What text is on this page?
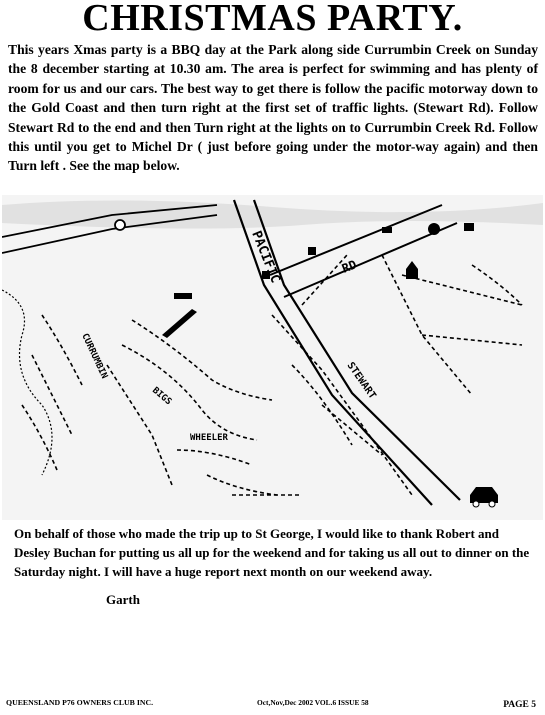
CHRISTMAS PARTY.
This years Xmas party is a BBQ day at the Park along side Currumbin Creek on Sunday the 8 december starting at 10.30 am. The area is perfect for swimming and has plenty of room for us and our cars. The best way to get there is follow the pacific motorway down to the Gold Coast and then turn right at the first set of traffic lights. (Stewart Rd). Follow Stewart Rd to the end and then Turn right at the lights on to Currumbin Creek Rd. Follow this until you get to Michel Dr ( just before going under the motor-way again) and then Turn left . See the map below.
PACIFIC	RD
STEWART
CURRUMBIN
WHEELER
BIGS
On behalf of those who made the trip up to St George, I would like to thank Robert and Desley Buchan for putting us all up for the weekend and for taking us all out to dinner on the Saturday night. I will have a huge report next month on our weekend away.
Garth
QUEENSLAND P76 OWNERS CLUB INC.	Oct,Nov,Dec 2002 VOL.6 ISSUE 58	PAGE 5
